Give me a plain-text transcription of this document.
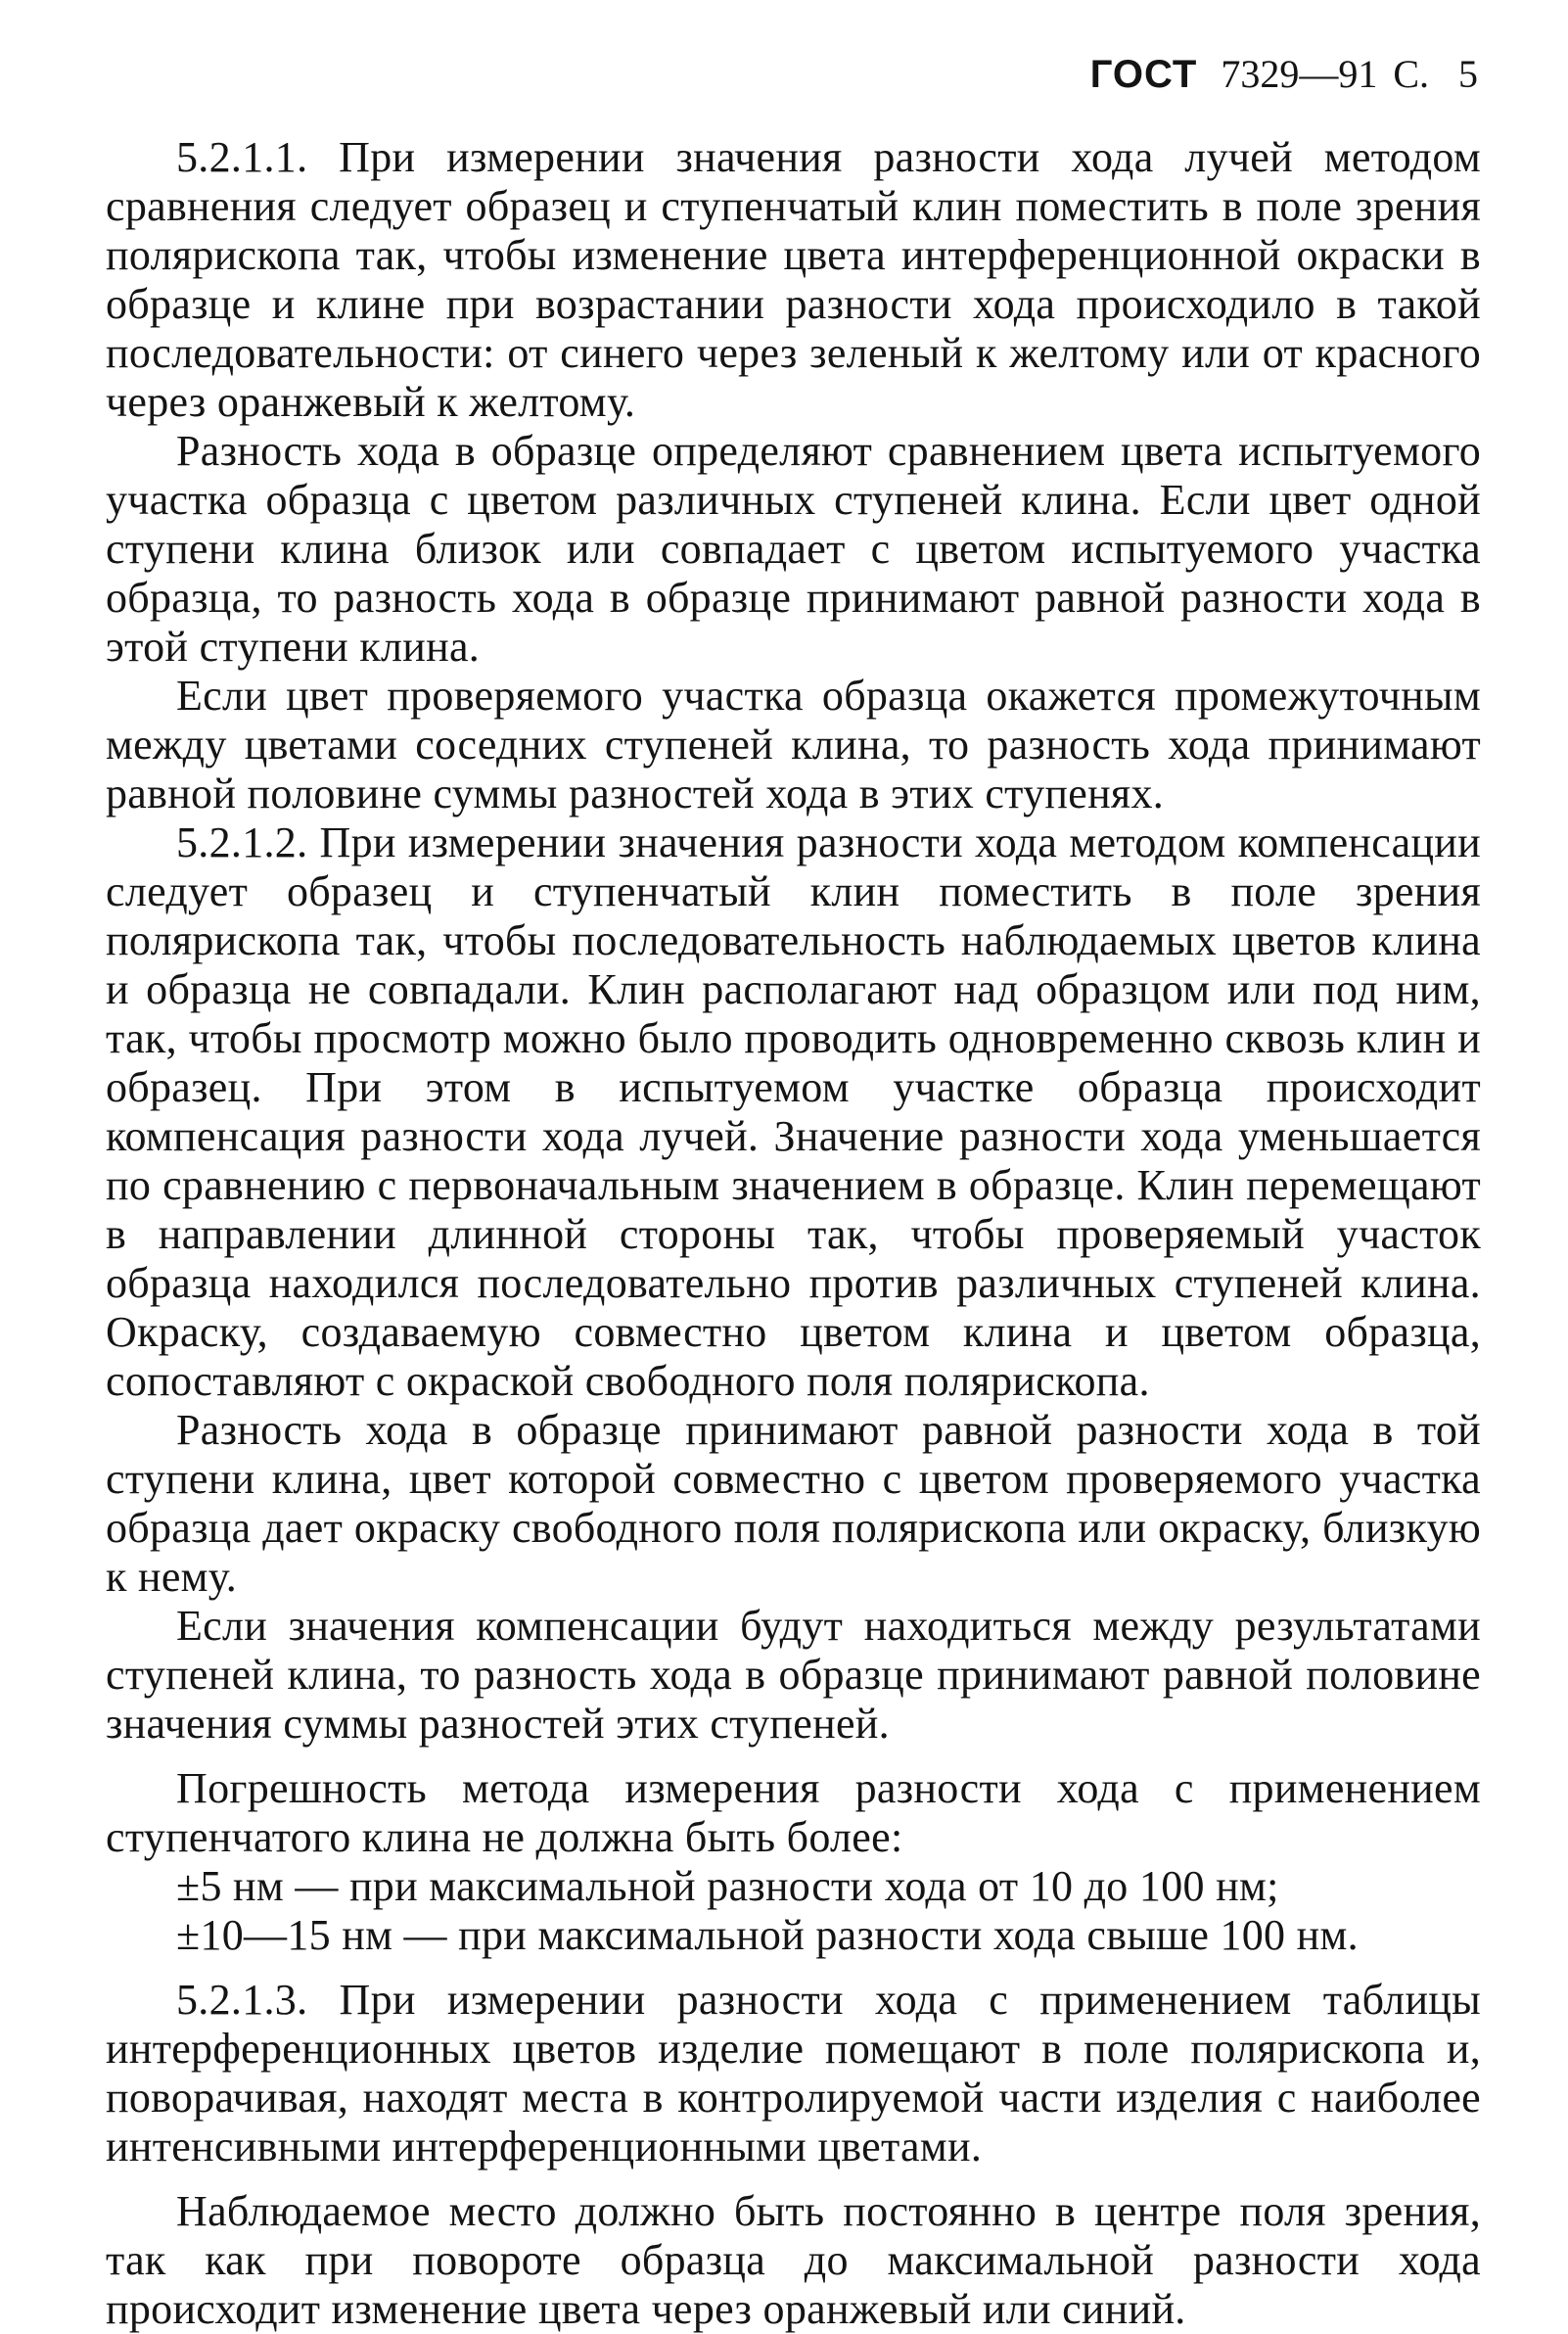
ГОСТ 7329—91 С. 5

5.2.1.1. При измерении значения разности хода лучей методом сравнения следует образец и ступенчатый клин поместить в поле зрения полярископа так, чтобы изменение цвета интерференционной окраски в образце и клине при возрастании разности хода происходило в такой последовательности: от синего через зеленый к желтому или от красного через оранжевый к желтому.

Разность хода в образце определяют сравнением цвета испытуемого участка образца с цветом различных ступеней клина. Если цвет одной ступени клина близок или совпадает с цветом испытуемого участка образца, то разность хода в образце принимают равной разности хода в этой ступени клина.

Если цвет проверяемого участка образца окажется промежуточным между цветами соседних ступеней клина, то разность хода принимают равной половине суммы разностей хода в этих ступенях.

5.2.1.2. При измерении значения разности хода методом компенсации следует образец и ступенчатый клин поместить в поле зрения полярископа так, чтобы последовательность наблюдаемых цветов клина и образца не совпадали. Клин располагают над образцом или под ним, так, чтобы просмотр можно было проводить одновременно сквозь клин и образец. При этом в испытуемом участке образца происходит компенсация разности хода лучей. Значение разности хода уменьшается по сравнению с первоначальным значением в образце. Клин перемещают в направлении длинной стороны так, чтобы проверяемый участок образца находился последовательно против различных ступеней клина. Окраску, создаваемую совместно цветом клина и цветом образца, сопоставляют с окраской свободного поля полярископа.

Разность хода в образце принимают равной разности хода в той ступени клина, цвет которой совместно с цветом проверяемого участка образца дает окраску свободного поля полярископа или окраску, близкую к нему.

Если значения компенсации будут находиться между результатами ступеней клина, то разность хода в образце принимают равной половине значения суммы разностей этих ступеней.

Погрешность метода измерения разности хода с применением ступенчатого клина не должна быть более:

±5 нм — при максимальной разности хода от 10 до 100 нм;

±10—15 нм — при максимальной разности хода свыше 100 нм.

5.2.1.3. При измерении разности хода с применением таблицы интерференционных цветов изделие помещают в поле полярископа и, поворачивая, находят места в контролируемой части изделия с наиболее интенсивными интерференционными цветами.

Наблюдаемое место должно быть постоянно в центре поля зрения, так как при повороте образца до максимальной разности хода происходит изменение цвета через оранжевый или синий.
